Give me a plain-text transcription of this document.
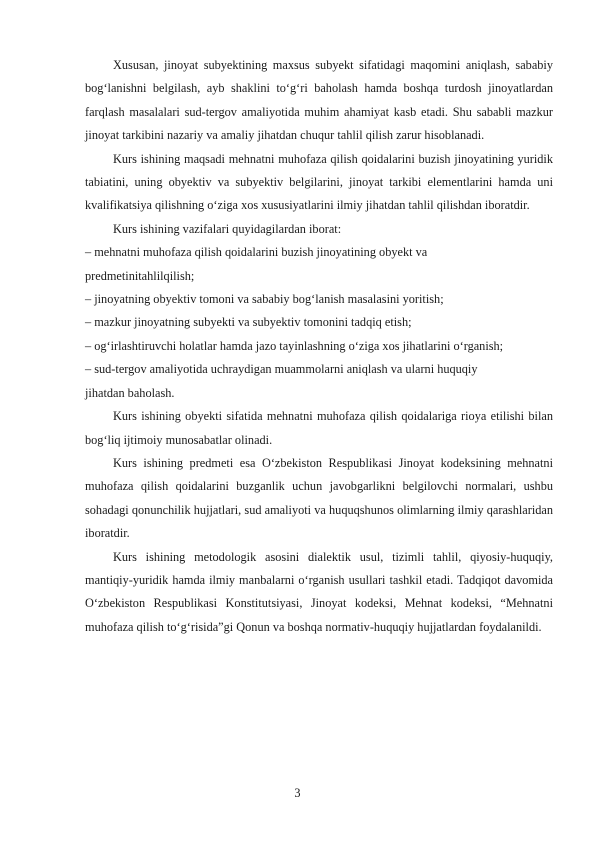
Xususan, jinoyat subyektining maxsus subyekt sifatidagi maqomini aniqlash, sababiy bog‘lanishni belgilash, ayb shaklini to‘g‘ri baholash hamda boshqa turdosh jinoyatlardan farqlash masalalari sud-tergov amaliyotida muhim ahamiyat kasb etadi. Shu sababli mazkur jinoyat tarkibini nazariy va amaliy jihatdan chuqur tahlil qilish zarur hisoblanadi.

Kurs ishining maqsadi mehnatni muhofaza qilish qoidalarini buzish jinoyatining yuridik tabiatini, uning obyektiv va subyektiv belgilarini, jinoyat tarkibi elementlarini hamda uni kvalifikatsiya qilishning o‘ziga xos xususiyatlarini ilmiy jihatdan tahlil qilishdan iboratdir.

Kurs ishining vazifalari quyidagilardan iborat:

– mehnatni muhofaza qilish qoidalarini buzish jinoyatining obyekt va predmetinitahlilqilish;

– jinoyatning obyektiv tomoni va sababiy bog‘lanish masalasini yoritish;

– mazkur jinoyatning subyekti va subyektiv tomonini tadqiq etish;

– og‘irlashtiruvchi holatlar hamda jazo tayinlashning o‘ziga xos jihatlarini o‘rganish;

– sud-tergov amaliyotida uchraydigan muammolarni aniqlash va ularni huquqiy jihatdan baholash.

Kurs ishining obyekti sifatida mehnatni muhofaza qilish qoidalariga rioya etilishi bilan bog‘liq ijtimoiy munosabatlar olinadi.

Kurs ishining predmeti esa O‘zbekiston Respublikasi Jinoyat kodeksining mehnatni muhofaza qilish qoidalarini buzganlik uchun javobgarlikni belgilovchi normalari, ushbu sohadagi qonunchilik hujjatlari, sud amaliyoti va huquqshunos olimlarning ilmiy qarashlaridan iboratdir.

Kurs ishining metodologik asosini dialektik usul, tizimli tahlil, qiyosiy-huquqiy, mantiqiy-yuridik hamda ilmiy manbalarni o‘rganish usullari tashkil etadi. Tadqiqot davomida O‘zbekiston Respublikasi Konstitutsiyasi, Jinoyat kodeksi, Mehnat kodeksi, “Mehnatni muhofaza qilish to‘g‘risida”gi Qonun va boshqa normativ-huquqiy hujjatlardan foydalanildi.

3
